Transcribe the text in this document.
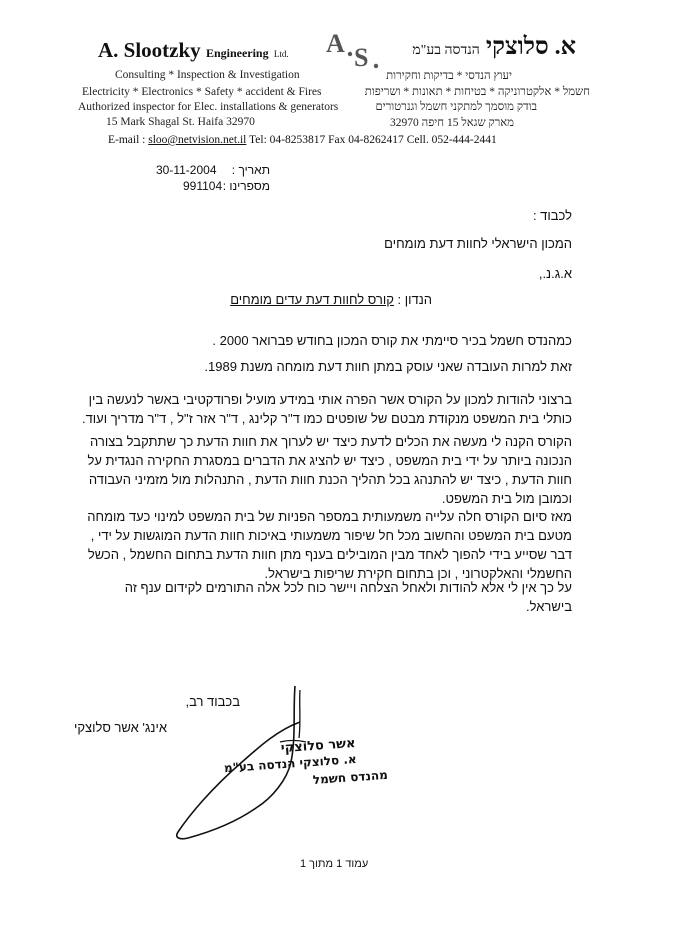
A. Slootzky Engineering Ltd.
Consulting * Inspection & Investigation
Electricity * Electronics * Safety * accident & Fires
Authorized inspector for Elec. installations & generators
15 Mark Shagal St. Haifa 32970
A S	א. סלוצקי הנדסה בע"מ
יעוץ הנדסי * בדיקות וחקירות
חשמל * אלקטרוניקה * בטיחות * תאונות * ושריפות
בודק מוסמך למתקני חשמל וגנרטורים
מארק שגאל 15 חיפה 32970
E-mail : sloo@netvision.net.il Tel: 04-8253817 Fax 04-8262417 Cell. 052-444-2441
30-11-2004 תאריך :
991104 מספרינו :
לכבוד :
המכון הישראלי לחוות דעת מומחים
א.ג.נ.,
הנדון : קורס לחוות דעת עדים מומחים
כמהנדס חשמל בכיר סיימתי את קורס המכון בחודש פברואר 2000 .
זאת למרות העובדה שאני עוסק במתן חוות דעת מומחה משנת 1989.
ברצוני להודות למכון על הקורס אשר הפרה אותי במידע מועיל ופרודקטיבי באשר לנעשה בין
כותלי בית המשפט מנקודת מבטם של שופטים כמו ד"ר קלינג , ד"ר אזר ז"ל , ד"ר מדריך ועוד.
הקורס הקנה לי מעשה את הכלים לדעת כיצד יש לערוך את חוות הדעת כך שתתקבל בצורה
הנכונה ביותר על ידי בית המשפט , כיצד יש להציג את הדברים במסגרת החקירה הנגדית על
חוות הדעת , כיצד יש להתנהג בכל תהליך הכנת חוות הדעת , התנהלות מול מזמיני העבודה
וכמובן מול בית המשפט.
מאז סיום הקורס חלה עלייה משמעותית במספר הפניות של בית המשפט למינוי כעד מומחה
מטעם בית המשפט והחשוב מכל חל שיפור משמעותי באיכות חוות הדעת המוגשות על ידי ,
דבר שסייע בידי להפוך לאחד מבין המובילים בענף מתן חוות הדעת בתחום החשמל , הכשל
החשמלי והאלקטרוני , וכן בתחום חקירת שריפות בישראל.
על כך אין לי אלא להודות ולאחל הצלחה ויישר כוח לכל אלה התורמים לקידום ענף זה
בישראל.
בכבוד רב,
אינג' אשר סלוצקי
אשר סלוצקי
א. סלוצקי הנדסה בע"מ
מהנדס חשמל
עמוד 1 מתוך 1
